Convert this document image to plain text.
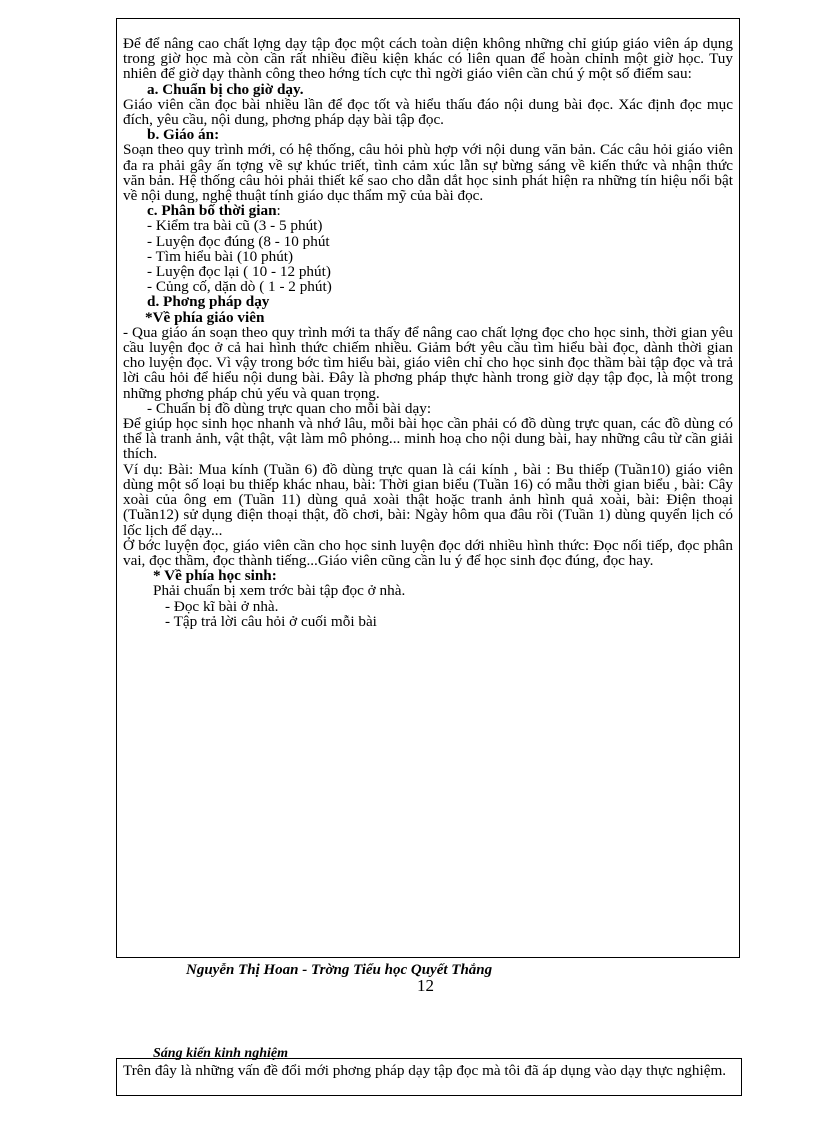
Để để nâng cao chất lợng dạy tập đọc một cách toàn diện không những chỉ giúp giáo viên áp dụng trong giờ học mà còn cần rất nhiều điều kiện khác có liên quan để hoàn chỉnh một giờ học. Tuy nhiên để giờ dạy thành công theo hớng tích cực thì ngời giáo viên cần chú ý một số điểm sau:

a. Chuẩn bị cho giờ dạy.

Giáo viên cần đọc bài nhiều lần để đọc tốt và hiểu thấu đáo nội dung bài đọc. Xác định đọc mục đích, yêu cầu, nội dung, phơng pháp dạy bài tập đọc.

b. Giáo án:

Soạn theo quy trình mới, có hệ thống, câu hỏi phù hợp với nội dung văn bản. Các câu hỏi giáo viên đa ra phải gây ấn tợng về sự khúc triết, tình cảm xúc lẫn sự bừng sáng về kiến thức và nhận thức văn bản. Hệ thống câu hỏi phải thiết kế sao cho dẫn dắt học sinh phát hiện ra những tín hiệu nổi bật về nội dung, nghệ thuật tính giáo dục thẩm mỹ của bài đọc.

c. Phân bố thời gian:

- Kiểm tra bài cũ (3 - 5 phút)

- Luyện đọc đúng (8 - 10 phút

- Tìm hiểu bài (10 phút)

- Luyện đọc lại ( 10 - 12 phút)

- Củng cố, dặn dò ( 1 - 2 phút)

d. Phơng pháp dạy

*Về phía giáo viên

- Qua giáo án soạn theo quy trình mới ta thấy để nâng cao chất lợng đọc cho học sinh, thời gian yêu cầu luyện đọc ở cả hai hình thức chiếm nhiều. Giảm bớt yêu cầu tìm hiểu bài đọc, dành thời gian cho luyện đọc. Vì vậy trong bớc tìm hiểu bài, giáo viên chỉ cho học sinh đọc thầm bài tập đọc và trả lời câu hỏi để hiểu nội dung bài. Đây là phơng pháp thực hành trong giờ dạy tập đọc, là một trong những phơng pháp chủ yếu và quan trọng.

- Chuẩn bị đồ dùng trực quan cho mỗi bài dạy:

Để giúp học sinh học nhanh và nhớ lâu, mỗi bài học cần phải có đồ dùng trực quan, các đồ dùng có thể là tranh ảnh, vật thật, vật làm mô phỏng... minh hoạ cho nội dung bài, hay những câu từ cần giải thích.

Ví dụ: Bài: Mua kính (Tuần 6) đồ dùng trực quan là cái kính , bài : Bu thiếp (Tuần10) giáo viên dùng một số loại bu thiếp khác nhau, bài: Thời gian biểu (Tuần 16) có mẫu thời gian biểu , bài: Cây xoài của ông em (Tuần 11) dùng quả xoài thật hoặc tranh ảnh hình quả xoài, bài: Điện thoại (Tuần12) sử dụng điện thoại thật, đồ chơi, bài: Ngày hôm qua đâu rồi (Tuần 1) dùng quyển lịch có lốc lịch để dạy...

Ở bớc luyện đọc, giáo viên cần cho học sinh luyện đọc dới nhiều hình thức: Đọc nối tiếp, đọc phân vai, đọc thầm, đọc thành tiếng...Giáo viên cũng cần lu ý để học sinh đọc đúng, đọc hay.

* Về phía học sinh:

Phải chuẩn bị xem trớc bài tập đọc ở nhà.

- Đọc kĩ bài ở nhà.

- Tập trả lời câu hỏi ở cuối mỗi bài

Nguyễn Thị Hoan - Trờng Tiểu học Quyết Thắng
12
Sáng kiến kinh nghiệm
Trên đây là những vấn đề đổi mới phơng pháp dạy tập đọc mà tôi đã áp dụng vào dạy thực nghiệm.
